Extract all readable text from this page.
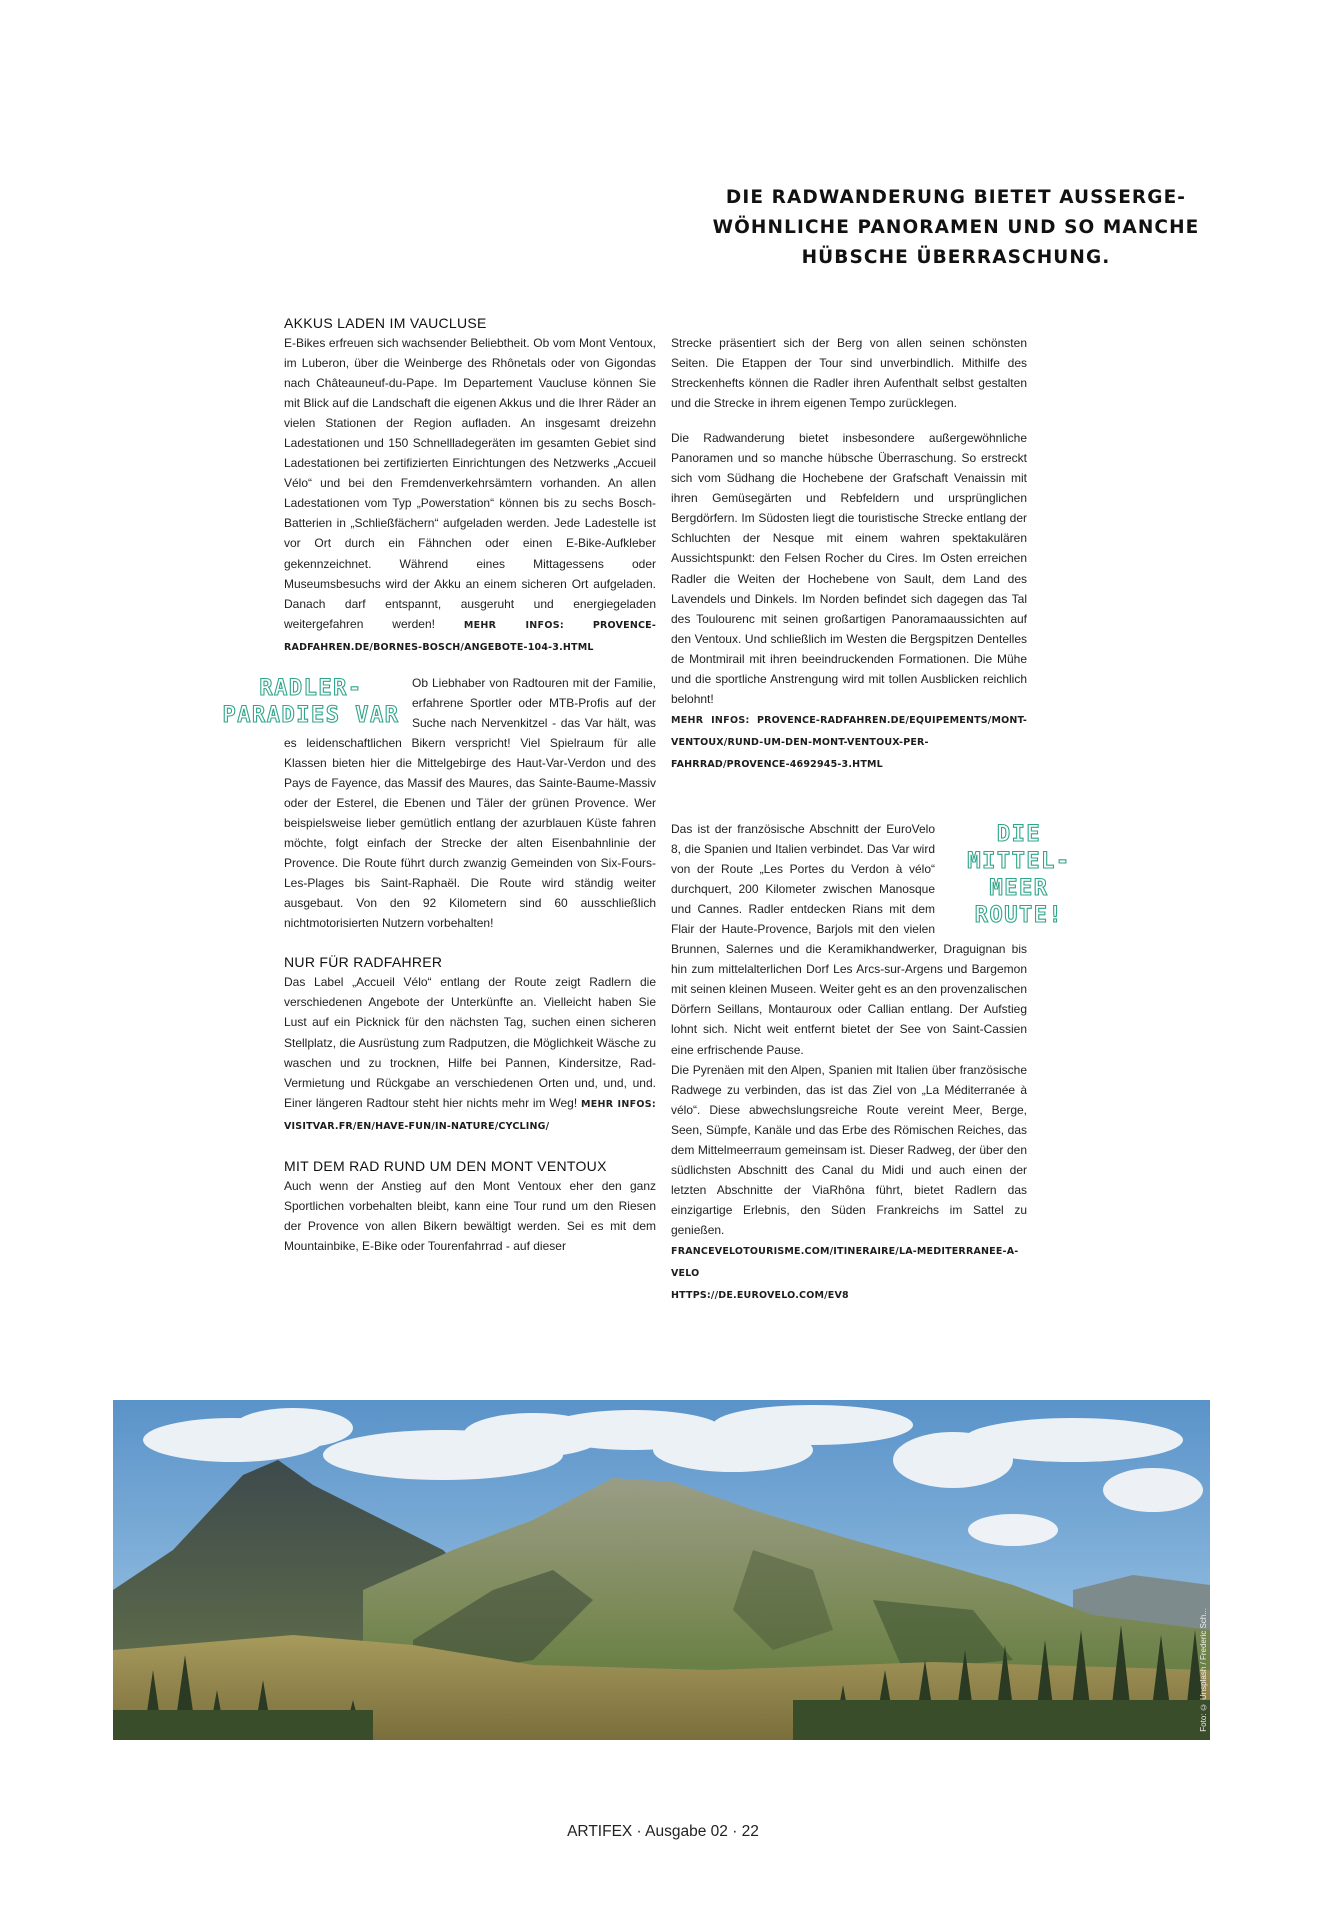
DIE RADWANDERUNG BIETET AUSSERGE-
WÖHNLICHE PANORAMEN UND SO MANCHE
HÜBSCHE ÜBERRASCHUNG.
AKKUS LADEN IM VAUCLUSE

E-Bikes erfreuen sich wachsender Beliebtheit. Ob vom Mont Ventoux, im Luberon, über die Weinberge des Rhônetals oder von Gigondas nach Châteauneuf-du-Pape. Im Departement Vaucluse können Sie mit Blick auf die Landschaft die eigenen Akkus und die Ihrer Räder an vielen Stationen der Region aufladen. An insgesamt dreizehn Ladestationen und 150 Schnellladegeräten im gesamten Gebiet sind Ladestationen bei zertifizierten Einrichtungen des Netzwerks „Accueil Vélo“ und bei den Fremdenverkehrsämtern vorhanden. An allen Ladestationen vom Typ „Powerstation“ können bis zu sechs Bosch-Batterien in „Schließfächern“ aufgeladen werden. Jede Ladestelle ist vor Ort durch ein Fähnchen oder einen E-Bike-Aufkleber gekennzeichnet. Während eines Mittagessens oder Museumsbesuchs wird der Akku an einem sicheren Ort aufgeladen. Danach darf entspannt, ausgeruht und energiegeladen weitergefahren werden!	MEHR INFOS:	PROVENCE-RADFAHREN.DE/BORNES-BOSCH/ANGEBOTE-104-3.HTML

RADLER-
PARADIES VAR
Ob Liebhaber von Radtouren mit der Familie, erfahrene Sportler oder MTB-Profis auf der Suche nach Nervenkitzel - das Var hält, was es leidenschaftlichen Bikern verspricht! Viel Spielraum für alle Klassen bieten hier die Mittelgebirge des Haut-Var-Verdon und des Pays de Fayence, das Massif des Maures, das Sainte-Baume-Massiv oder der Esterel, die Ebenen und Täler der grünen Provence. Wer beispielsweise lieber gemütlich entlang der azurblauen Küste fahren möchte, folgt einfach der Strecke der alten Eisenbahnlinie der Provence. Die Route führt durch zwanzig Gemeinden von Six-Fours-Les-Plages bis Saint-Raphaël. Die Route wird ständig weiter ausgebaut. Von den 92 Kilometern sind 60 ausschließlich nichtmotorisierten Nutzern vorbehalten!

NUR FÜR RADFAHRER

Das Label „Accueil Vélo“ entlang der Route zeigt Radlern die verschiedenen Angebote der Unterkünfte an. Vielleicht haben Sie Lust auf ein Picknick für den nächsten Tag, suchen einen sicheren Stellplatz, die Ausrüstung zum Radputzen, die Möglichkeit Wäsche zu waschen und zu trocknen, Hilfe bei Pannen, Kindersitze, Rad-Vermietung und Rückgabe an verschiedenen Orten und, und, und. Einer längeren Radtour steht hier nichts mehr im Weg! MEHR INFOS: VISITVAR.FR/EN/HAVE-FUN/IN-NATURE/CYCLING/

MIT DEM RAD RUND UM DEN MONT VENTOUX

Auch wenn der Anstieg auf den Mont Ventoux eher den ganz Sportlichen vorbehalten bleibt, kann eine Tour rund um den Riesen der Provence von allen Bikern bewältigt werden. Sei es mit dem Mountainbike, E-Bike oder Tourenfahrrad - auf dieser

Strecke präsentiert sich der Berg von allen seinen schönsten Seiten. Die Etappen der Tour sind unverbindlich. Mithilfe des Streckenhefts können die Radler ihren Aufenthalt selbst gestalten und die Strecke in ihrem eigenen Tempo zurücklegen.

Die Radwanderung bietet insbesondere außergewöhnliche Panoramen und so manche hübsche Überraschung. So erstreckt sich vom Südhang die Hochebene der Grafschaft Venaissin mit ihren Gemüsegärten und Rebfeldern und ursprünglichen Bergdörfern. Im Südosten liegt die touristische Strecke entlang der Schluchten der Nesque mit einem wahren spektakulären Aussichtspunkt: den Felsen Rocher du Cires. Im Osten erreichen Radler die Weiten der Hochebene von Sault, dem Land des Lavendels und Dinkels. Im Norden befindet sich dagegen das Tal des Toulourenc mit seinen großartigen Panoramaaussichten auf den Ventoux. Und schließlich im Westen die Bergspitzen Dentelles de Montmirail mit ihren beeindruckenden Formationen. Die Mühe und die sportliche Anstrengung wird mit tollen Ausblicken reichlich belohnt!

MEHR INFOS: PROVENCE-RADFAHREN.DE/EQUIPEMENTS/MONT-VENTOUX/RUND-UM-DEN-MONT-VENTOUX-PER-FAHRRAD/PROVENCE-4692945-3.HTML

DIE MITTEL-
MEER ROUTE!
Das ist der französische Abschnitt der EuroVelo 8, die Spanien und Italien verbindet. Das Var wird von der Route „Les Portes du Verdon à vélo“ durchquert, 200 Kilometer zwischen Manosque und Cannes. Radler entdecken Rians mit dem Flair der Haute-Provence, Barjols mit den vielen Brunnen, Salernes und die Keramikhandwerker, Draguignan bis hin zum mittelalterlichen Dorf Les Arcs-sur-Argens und Bargemon mit seinen kleinen Museen. Weiter geht es an den provenzalischen Dörfern Seillans, Montauroux oder Callian entlang. Der Aufstieg lohnt sich. Nicht weit entfernt bietet der See von Saint-Cassien eine erfrischende Pause.

Die Pyrenäen mit den Alpen, Spanien mit Italien über französische Radwege zu verbinden, das ist das Ziel von „La Méditerranée à vélo“. Diese abwechslungsreiche Route vereint Meer, Berge, Seen, Sümpfe, Kanäle und das Erbe des Römischen Reiches, das dem Mittelmeerraum gemeinsam ist. Dieser Radweg, der über den südlichsten Abschnitt des Canal du Midi und auch einen der letzten Abschnitte der ViaRhôna führt, bietet Radlern das einzigartige Erlebnis, den Süden Frankreichs im Sattel zu genießen.

FRANCEVELOTOURISME.COM/ITINERAIRE/LA-MEDITERRANEE-A-VELO

HTTPS://DE.EUROVELO.COM/EV8

Foto: © Unsplash / Frederic Sch...
ARTIFEX · Ausgabe 02 · 22
